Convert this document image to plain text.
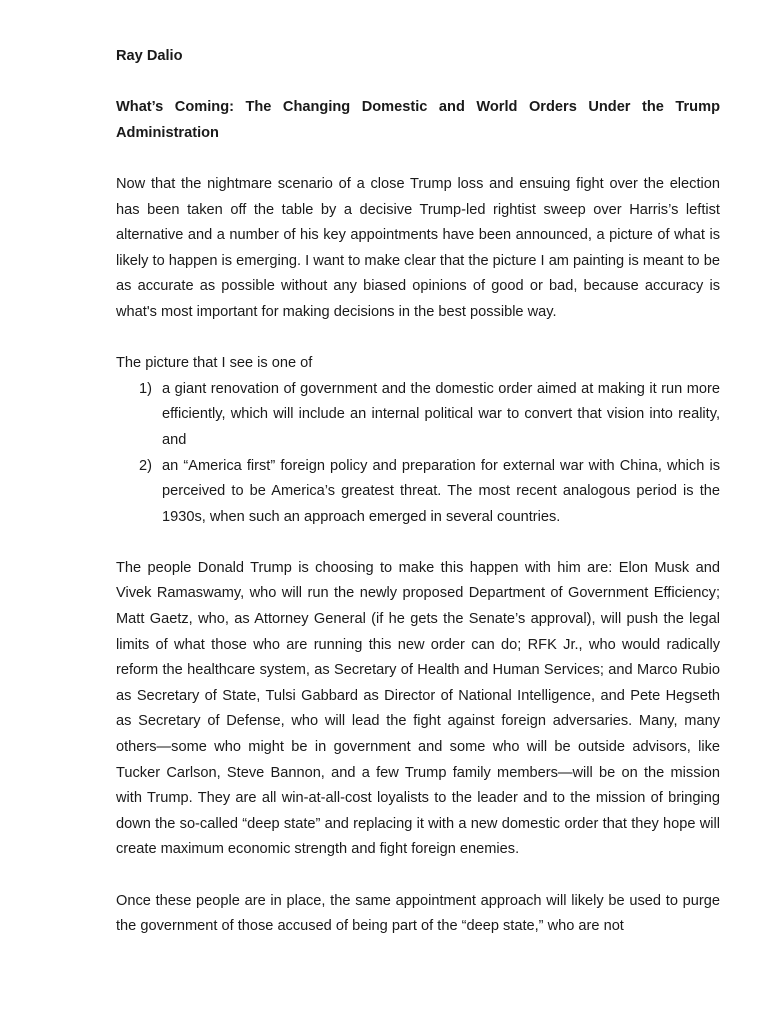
Ray Dalio
What’s Coming: The Changing Domestic and World Orders Under the Trump Administration

Now that the nightmare scenario of a close Trump loss and ensuing fight over the election has been taken off the table by a decisive Trump-led rightist sweep over Harris’s leftist alternative and a number of his key appointments have been announced, a picture of what is likely to happen is emerging. I want to make clear that the picture I am painting is meant to be as accurate as possible without any biased opinions of good or bad, because accuracy is what's most important for making decisions in the best possible way.

The picture that I see is one of

1) a giant renovation of government and the domestic order aimed at making it run more efficiently, which will include an internal political war to convert that vision into reality, and
2) an “America first” foreign policy and preparation for external war with China, which is perceived to be America’s greatest threat. The most recent analogous period is the 1930s, when such an approach emerged in several countries.

The people Donald Trump is choosing to make this happen with him are: Elon Musk and Vivek Ramaswamy, who will run the newly proposed Department of Government Efficiency; Matt Gaetz, who, as Attorney General (if he gets the Senate’s approval), will push the legal limits of what those who are running this new order can do; RFK Jr., who would radically reform the healthcare system, as Secretary of Health and Human Services; and Marco Rubio as Secretary of State, Tulsi Gabbard as Director of National Intelligence, and Pete Hegseth as Secretary of Defense, who will lead the fight against foreign adversaries. Many, many others—some who might be in government and some who will be outside advisors, like Tucker Carlson, Steve Bannon, and a few Trump family members—will be on the mission with Trump. They are all win-at-all-cost loyalists to the leader and to the mission of bringing down the so-called “deep state” and replacing it with a new domestic order that they hope will create maximum economic strength and fight foreign enemies.

Once these people are in place, the same appointment approach will likely be used to purge the government of those accused of being part of the “deep state,” who are not
